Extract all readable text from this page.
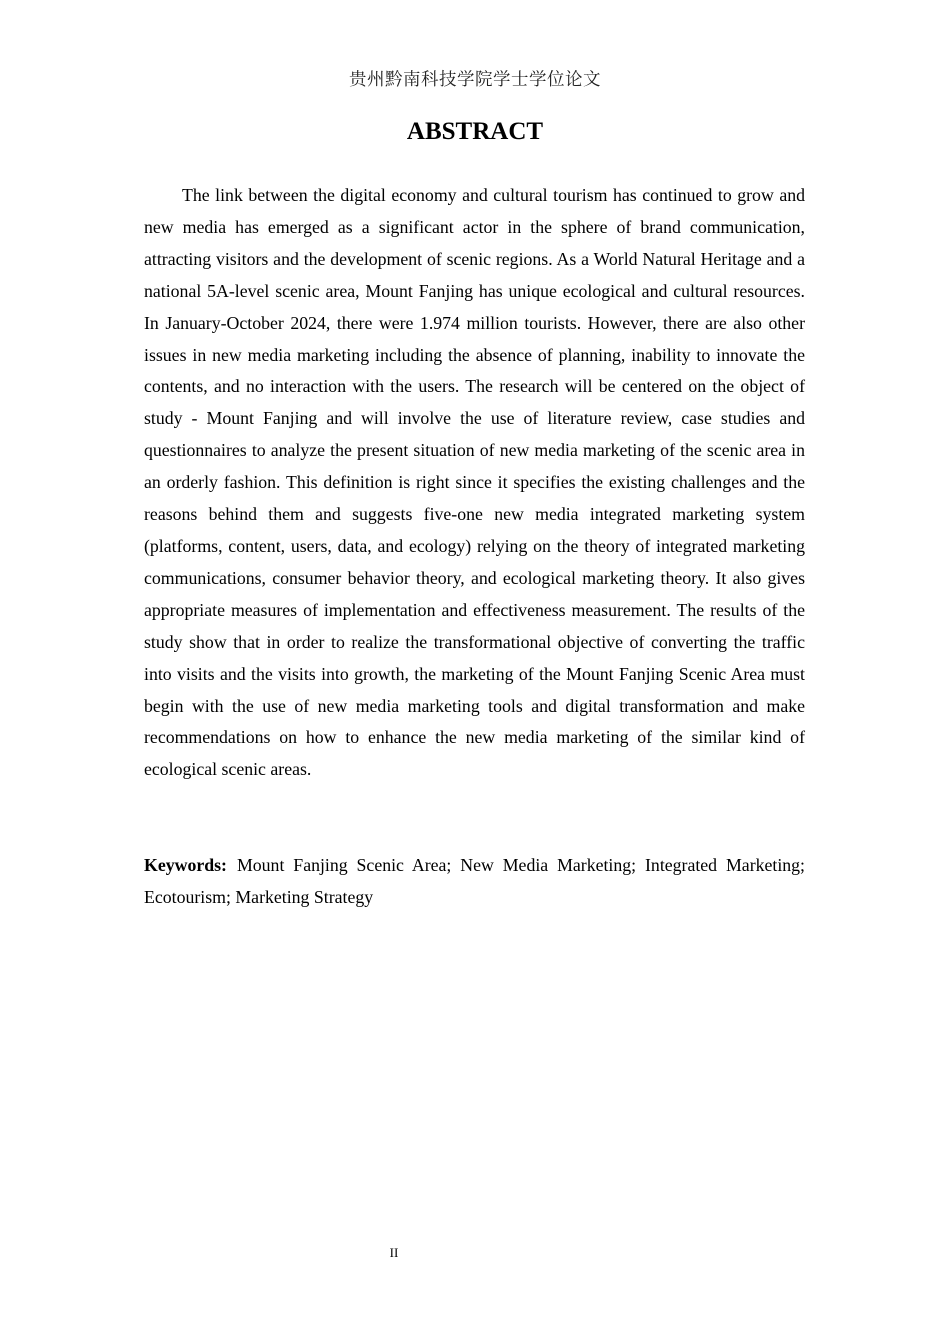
贵州黔南科技学院学士学位论文
ABSTRACT

The link between the digital economy and cultural tourism has continued to grow and new media has emerged as a significant actor in the sphere of brand communication, attracting visitors and the development of scenic regions. As a World Natural Heritage and a national 5A-level scenic area, Mount Fanjing has unique ecological and cultural resources. In January-October 2024, there were 1.974 million tourists. However, there are also other issues in new media marketing including the absence of planning, inability to innovate the contents, and no interaction with the users. The research will be centered on the object of study - Mount Fanjing and will involve the use of literature review, case studies and questionnaires to analyze the present situation of new media marketing of the scenic area in an orderly fashion. This definition is right since it specifies the existing challenges and the reasons behind them and suggests five-one new media integrated marketing system (platforms, content, users, data, and ecology) relying on the theory of integrated marketing communications, consumer behavior theory, and ecological marketing theory. It also gives appropriate measures of implementation and effectiveness measurement. The results of the study show that in order to realize the transformational objective of converting the traffic into visits and the visits into growth, the marketing of the Mount Fanjing Scenic Area must begin with the use of new media marketing tools and digital transformation and make recommendations on how to enhance the new media marketing of the similar kind of ecological scenic areas.

Keywords: Mount Fanjing Scenic Area; New Media Marketing; Integrated Marketing; Ecotourism; Marketing Strategy

II
